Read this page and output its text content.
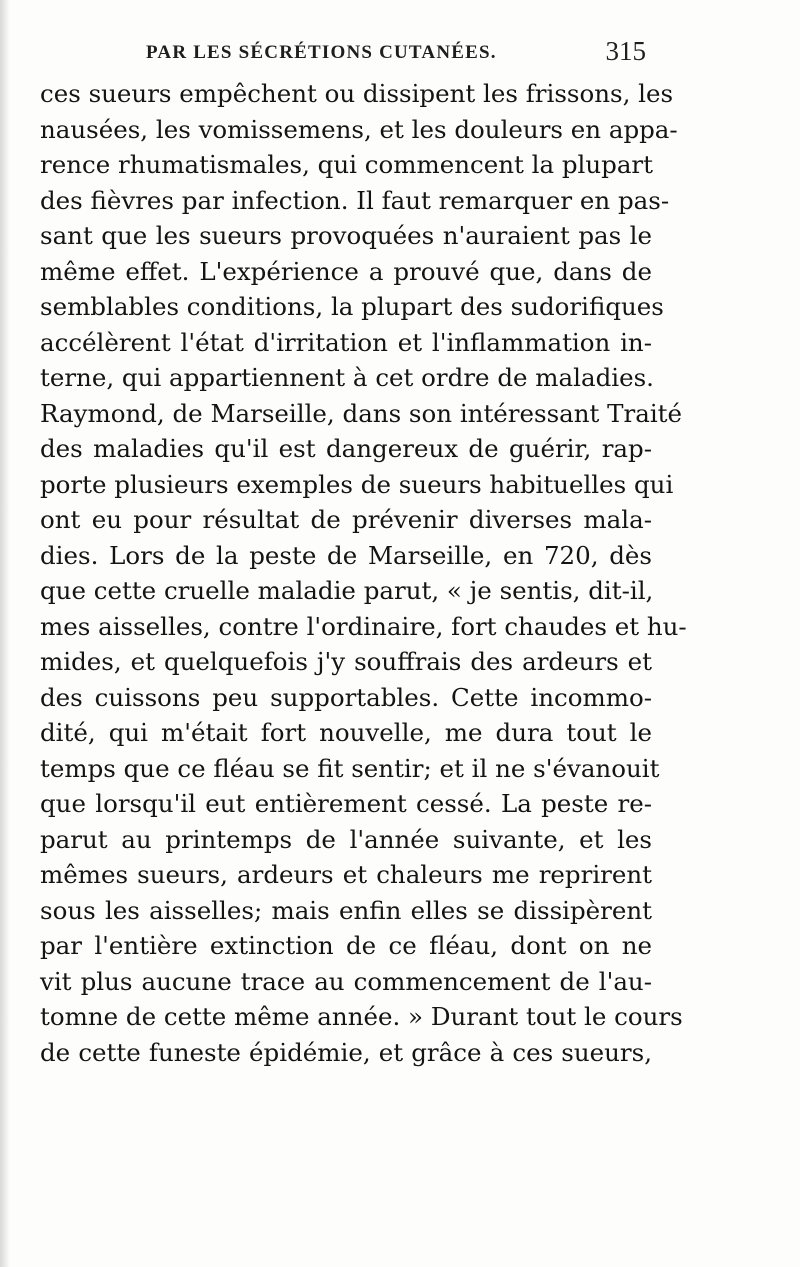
PAR LES SÉCRÉTIONS CUTANÉES.	315
ces sueurs empêchent ou dissipent les frissons, les
nausées, les vomissemens, et les douleurs en appa-
rence rhumatismales, qui commencent la plupart
des fièvres par infection. Il faut remarquer en pas-
sant que les sueurs provoquées n'auraient pas le
même effet. L'expérience a prouvé que, dans de
semblables conditions, la plupart des sudorifiques
accélèrent l'état d'irritation et l'inflammation in-
terne, qui appartiennent à cet ordre de maladies.
Raymond, de Marseille, dans son intéressant Traité
des maladies qu'il est dangereux de guérir, rap-
porte plusieurs exemples de sueurs habituelles qui
ont eu pour résultat de prévenir diverses mala-
dies. Lors de la peste de Marseille, en 720, dès
que cette cruelle maladie parut, « je sentis, dit-il,
mes aisselles, contre l'ordinaire, fort chaudes et hu-
mides, et quelquefois j'y souffrais des ardeurs et
des cuissons peu supportables. Cette incommo-
dité, qui m'était fort nouvelle, me dura tout le
temps que ce fléau se fit sentir; et il ne s'évanouit
que lorsqu'il eut entièrement cessé. La peste re-
parut au printemps de l'année suivante, et les
mêmes sueurs, ardeurs et chaleurs me reprirent
sous les aisselles; mais enfin elles se dissipèrent
par l'entière extinction de ce fléau, dont on ne
vit plus aucune trace au commencement de l'au-
tomne de cette même année. » Durant tout le cours
de cette funeste épidémie, et grâce à ces sueurs,
